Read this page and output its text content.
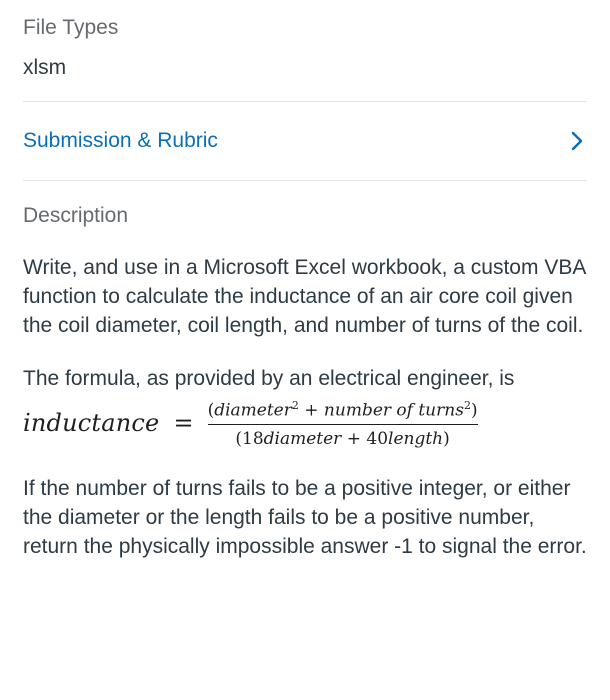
File Types
xlsm
Submission & Rubric
Description

Write, and use in a Microsoft Excel workbook, a custom VBA function to calculate the inductance of an air core coil given the coil diameter, coil length, and number of turns of the coil.

The formula, as provided by an electrical engineer, is

inductance = $\frac{(diameter^2 + number of turns^2)}{\text{(18diameter + 40length)}}$

If the number of turns fails to be a positive integer, or either the diameter or the length fails to be a positive number, return the physically impossible answer -1 to signal the error.
